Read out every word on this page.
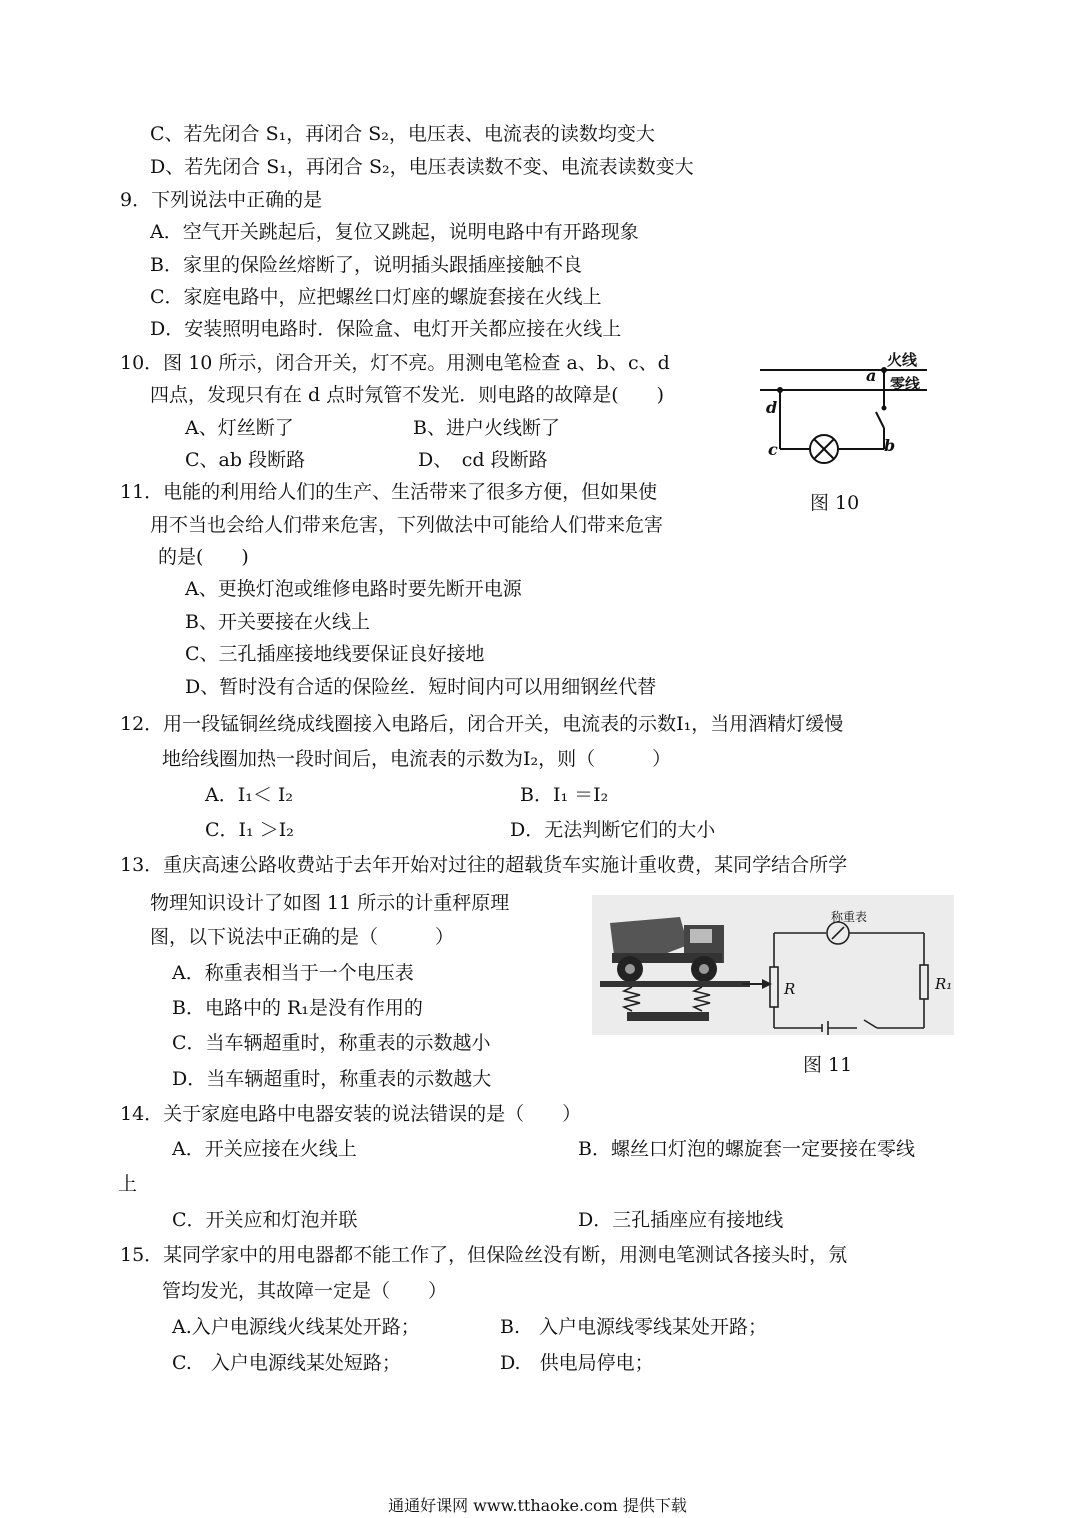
C、若先闭合 S₁，再闭合 S₂，电压表、电流表的读数均变大
D、若先闭合 S₁，再闭合 S₂，电压表读数不变、电流表读数变大
9．下列说法中正确的是
A．空气开关跳起后，复位又跳起，说明电路中有开路现象
B．家里的保险丝熔断了，说明插头跟插座接触不良
C．家庭电路中，应把螺丝口灯座的螺旋套接在火线上
D．安装照明电路时．保险盒、电灯开关都应接在火线上
10．图 10 所示，闭合开关，灯不亮。用测电笔检查 a、b、c、d
四点，发现只有在 d 点时氖管不发光．则电路的故障是(　　)
A、灯丝断了	B、进户火线断了
C、ab 段断路	D、　cd 段断路
火线
零线
a
b
c
d
图 10
11．电能的利用给人们的生产、生活带来了很多方便，但如果使
用不当也会给人们带来危害，下列做法中可能给人们带来危害
的是(　　)
A、更换灯泡或维修电路时要先断开电源
B、开关要接在火线上
C、三孔插座接地线要保证良好接地
D、暂时没有合适的保险丝．短时间内可以用细钢丝代替
12．用一段锰铜丝绕成线圈接入电路后，闭合开关，电流表的示数I₁，当用酒精灯缓慢
地给线圈加热一段时间后，电流表的示数为I₂，则（　　　）
A．I₁＜ I₂	B．I₁ ＝I₂
C．I₁ ＞I₂	D．无法判断它们的大小
13．重庆高速公路收费站于去年开始对过往的超载货车实施计重收费，某同学结合所学
物理知识设计了如图 11 所示的计重秤原理
图，以下说法中正确的是（　　　）
A．称重表相当于一个电压表
B．电路中的 R₁是没有作用的
C．当车辆超重时，称重表的示数越小
D．当车辆超重时，称重表的示数越大
称重表
R	R₁
图 11
14．关于家庭电路中电器安装的说法错误的是（　　）
A．开关应接在火线上	B．螺丝口灯泡的螺旋套一定要接在零线
上
C．开关应和灯泡并联	D．三孔插座应有接地线
15．某同学家中的用电器都不能工作了，但保险丝没有断，用测电笔测试各接头时，氖
管均发光，其故障一定是（　　）
A.入户电源线火线某处开路；	B.　入户电源线零线某处开路；
C.　入户电源线某处短路；	D.　供电局停电；
通通好课网 www.tthaoke.com 提供下载
